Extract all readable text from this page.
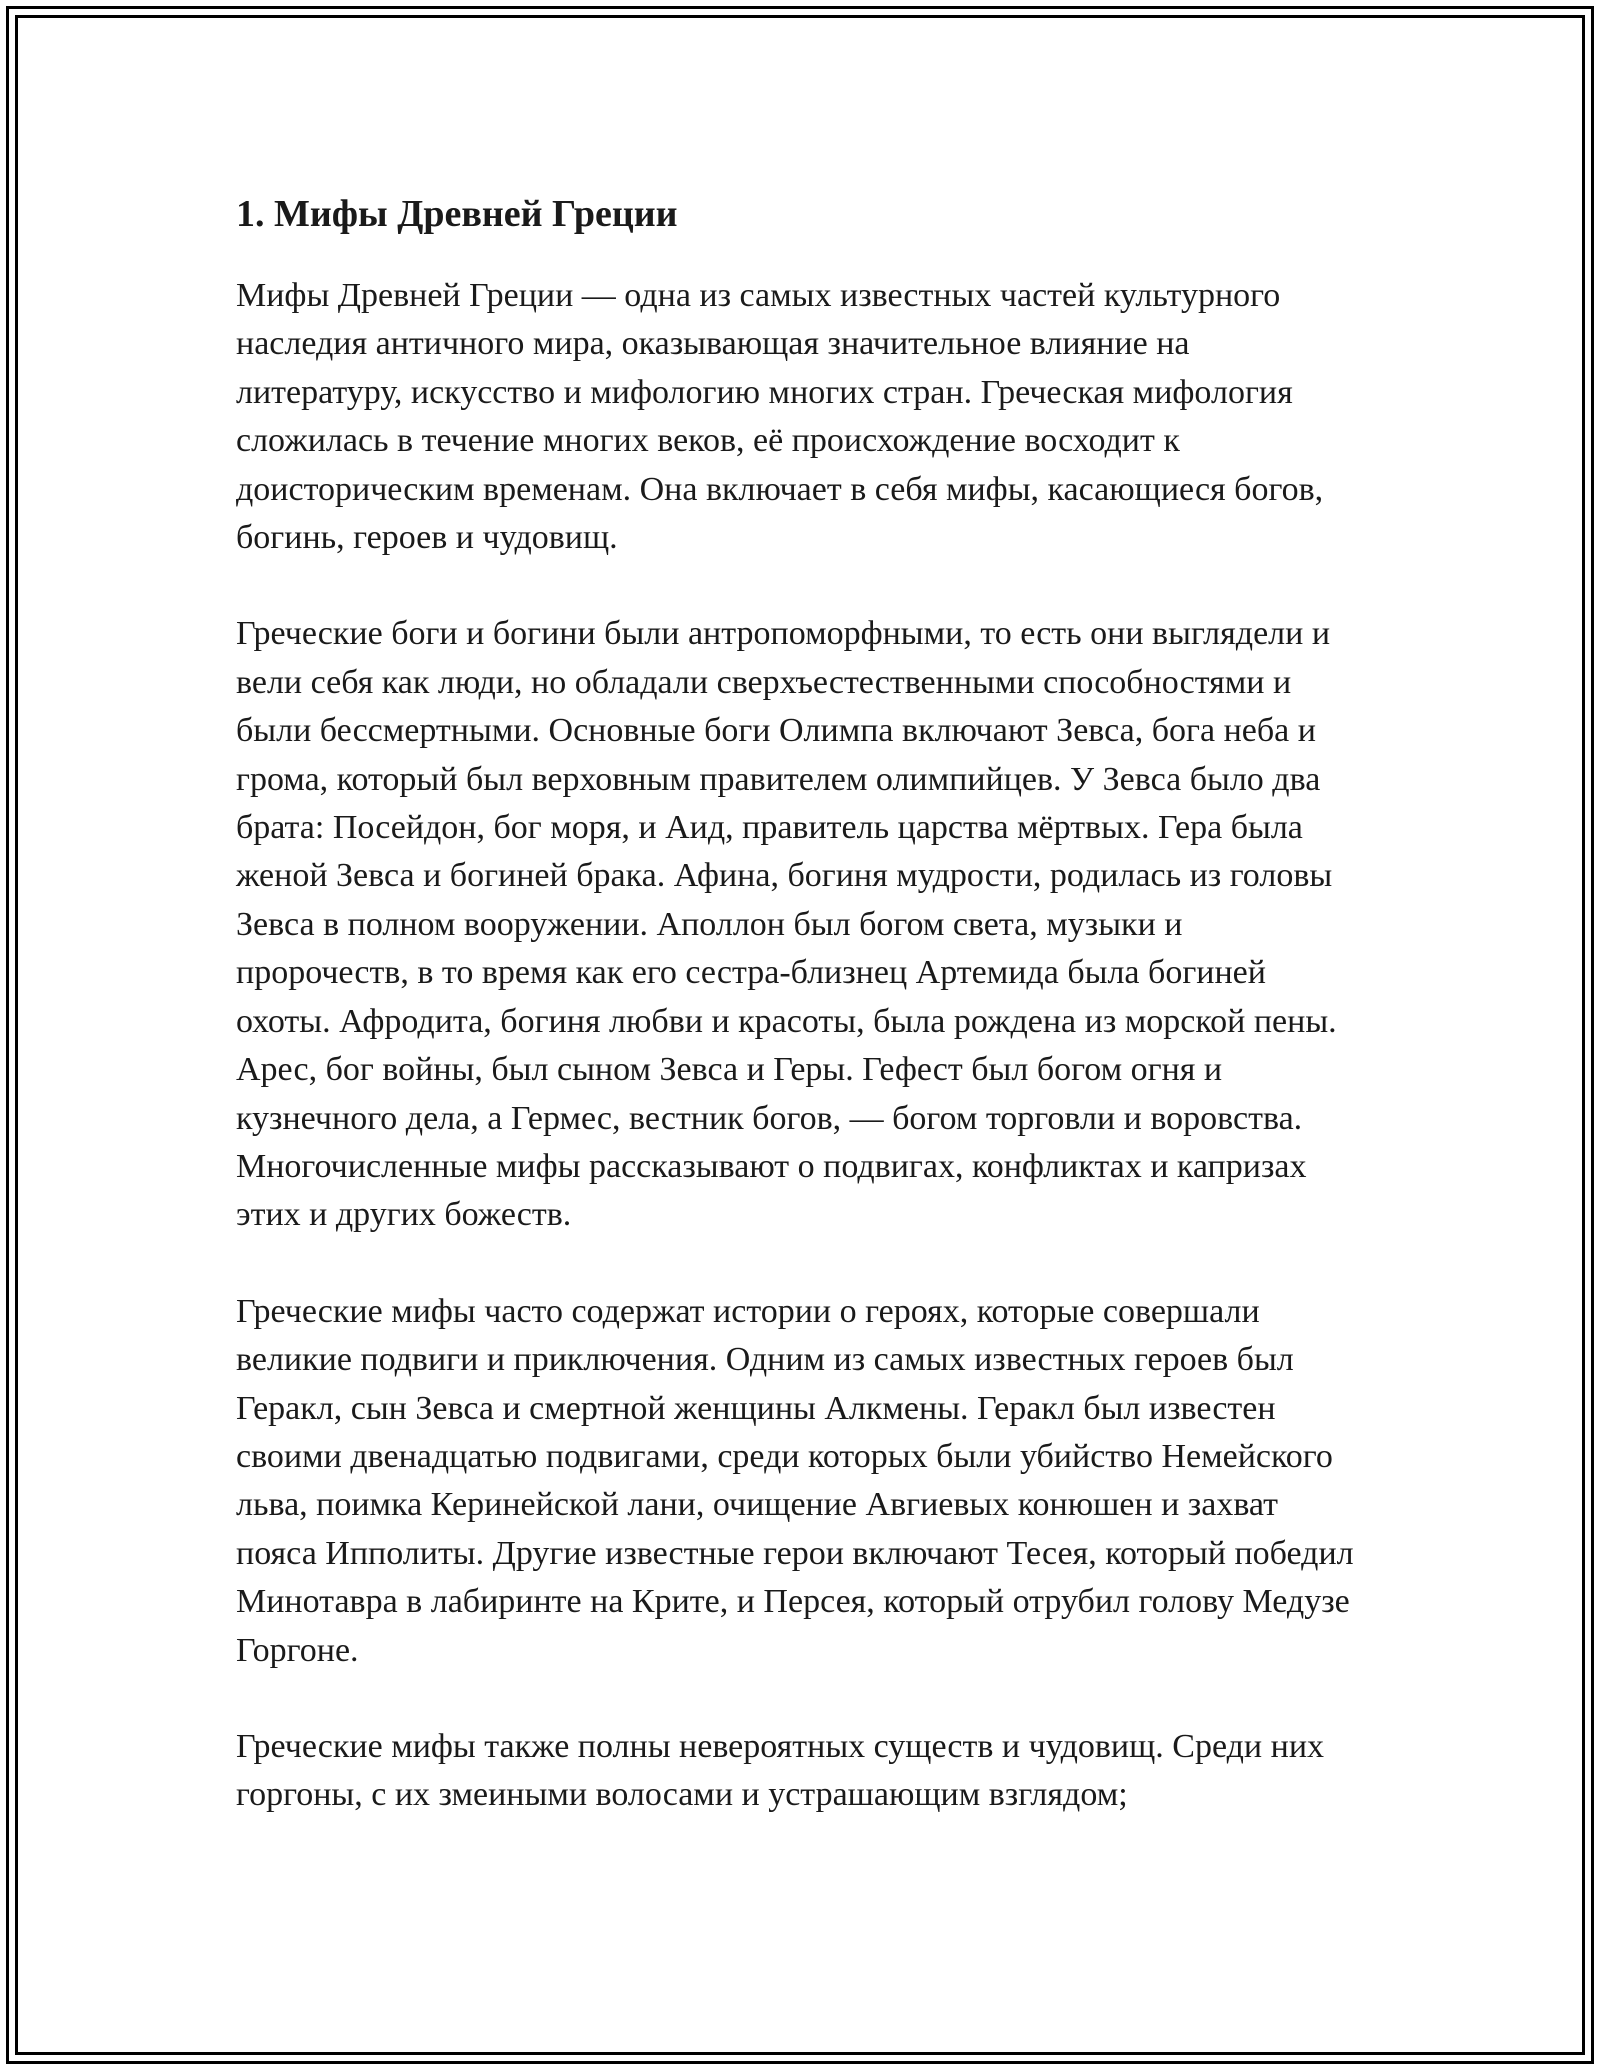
1. Мифы Древней Греции

Мифы Древней Греции — одна из самых известных частей культурного наследия античного мира, оказывающая значительное влияние на литературу, искусство и мифологию многих стран. Греческая мифология сложилась в течение многих веков, её происхождение восходит к доисторическим временам. Она включает в себя мифы, касающиеся богов, богинь, героев и чудовищ.

Греческие боги и богини были антропоморфными, то есть они выглядели и вели себя как люди, но обладали сверхъестественными способностями и были бессмертными. Основные боги Олимпа включают Зевса, бога неба и грома, который был верховным правителем олимпийцев. У Зевса было два брата: Посейдон, бог моря, и Аид, правитель царства мёртвых. Гера была женой Зевса и богиней брака. Афина, богиня мудрости, родилась из головы Зевса в полном вооружении. Аполлон был богом света, музыки и пророчеств, в то время как его сестра-близнец Артемида была богиней охоты. Афродита, богиня любви и красоты, была рождена из морской пены. Арес, бог войны, был сыном Зевса и Геры. Гефест был богом огня и кузнечного дела, а Гермес, вестник богов, — богом торговли и воровства. Многочисленные мифы рассказывают о подвигах, конфликтах и капризах этих и других божеств.

Греческие мифы часто содержат истории о героях, которые совершали великие подвиги и приключения. Одним из самых известных героев был Геракл, сын Зевса и смертной женщины Алкмены. Геракл был известен своими двенадцатью подвигами, среди которых были убийство Немейского льва, поимка Керинейской лани, очищение Авгиевых конюшен и захват пояса Ипполиты. Другие известные герои включают Тесея, который победил Минотавра в лабиринте на Крите, и Персея, который отрубил голову Медузе Горгоне.

Греческие мифы также полны невероятных существ и чудовищ. Среди них горгоны, с их змеиными волосами и устрашающим взглядом;
